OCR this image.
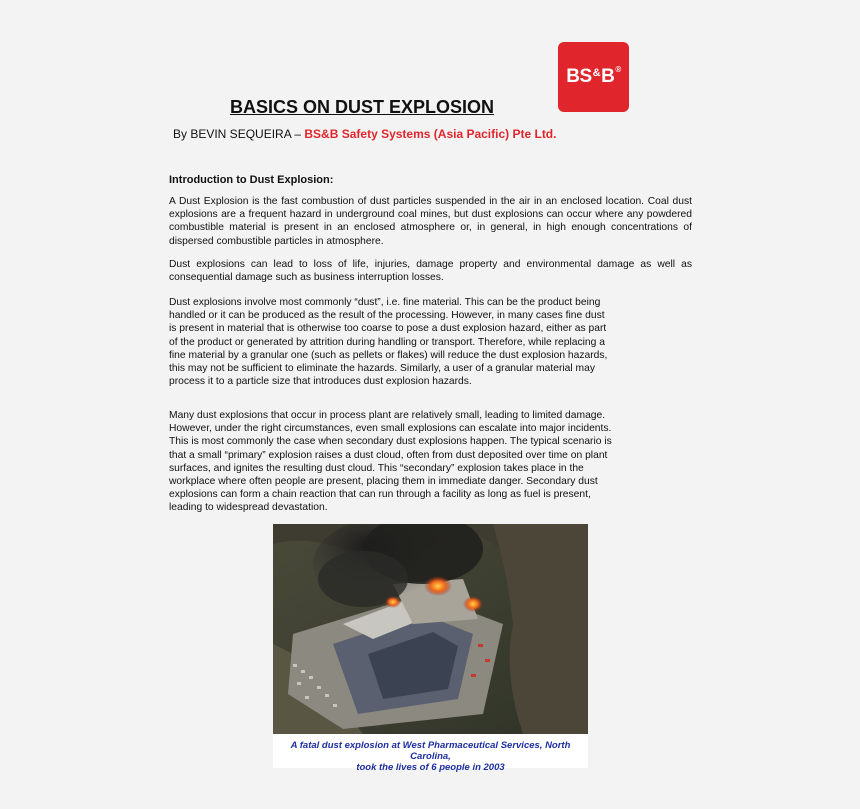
BS & B ®
BASICS ON DUST EXPLOSION
By BEVIN SEQUEIRA – BS&B Safety Systems (Asia Pacific) Pte Ltd.
Introduction to Dust Explosion:

A Dust Explosion is the fast combustion of dust particles suspended in the air in an enclosed location. Coal dust explosions are a frequent hazard in underground coal mines, but dust explosions can occur where any powdered combustible material is present in an enclosed atmosphere or, in general, in high enough concentrations of dispersed combustible particles in atmosphere.

Dust explosions can lead to loss of life, injuries, damage property and environmental damage as well as consequential damage such as business interruption losses.

Dust explosions involve most commonly “dust”, i.e. fine material. This can be the product being handled or it can be produced as the result of the processing. However, in many cases fine dust is present in material that is otherwise too coarse to pose a dust explosion hazard, either as part of the product or generated by attrition during handling or transport. Therefore, while replacing a fine material by a granular one (such as pellets or flakes) will reduce the dust explosion hazards, this may not be sufficient to eliminate the hazards. Similarly, a user of a granular material may process it to a particle size that introduces dust explosion hazards.

Many dust explosions that occur in process plant are relatively small, leading to limited damage. However, under the right circumstances, even small explosions can escalate into major incidents. This is most commonly the case when secondary dust explosions happen. The typical scenario is that a small “primary” explosion raises a dust cloud, often from dust deposited over time on plant surfaces, and ignites the resulting dust cloud. This “secondary” explosion takes place in the workplace where often people are present, placing them in immediate danger. Secondary dust explosions can form a chain reaction that can run through a facility as long as fuel is present, leading to widespread devastation.

A fatal dust explosion at West Pharmaceutical Services, North Carolina,
took the lives of 6 people in 2003
